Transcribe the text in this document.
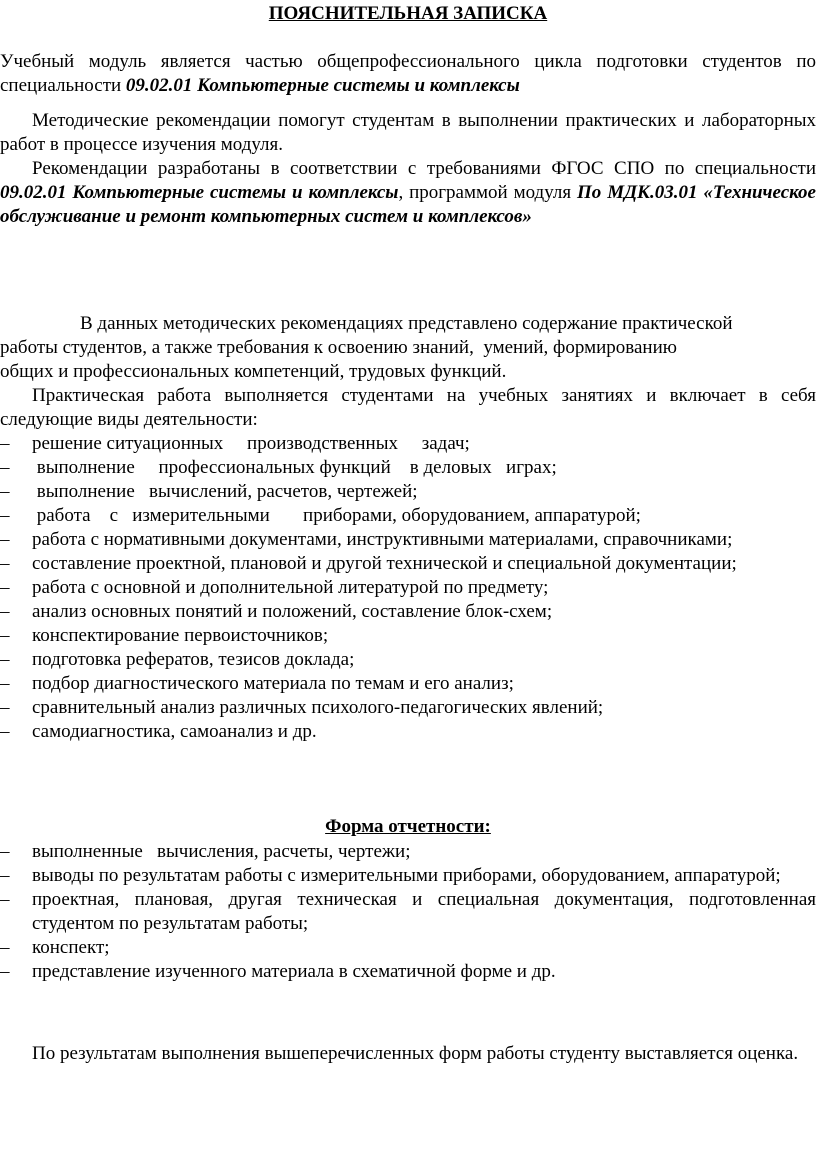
ПОЯСНИТЕЛЬНАЯ ЗАПИСКА

Учебный модуль является частью общепрофессионального цикла подготовки студентов по специальности 09.02.01 Компьютерные системы и комплексы

Методические рекомендации помогут студентам в выполнении практических и лабораторных работ в процессе изучения модуля.

Рекомендации разработаны в соответствии с требованиями ФГОС СПО по специальности 09.02.01 Компьютерные системы и комплексы, программой модуля По МДК.03.01 «Техническое обслуживание и ремонт компьютерных систем и комплексов»

В данных методических рекомендациях представлено содержание практической
работы студентов, а также требования к освоению знаний,  умений, формированию
общих и профессиональных компетенций, трудовых функций.

Практическая работа выполняется студентами на учебных занятиях и включает в себя следующие виды деятельности:

– решение ситуационных     производственных     задач;
– выполнение     профессиональных функций    в деловых   играх;
– выполнение   вычислений, расчетов, чертежей;
– работа    с   измерительными       приборами, оборудованием, аппаратурой;
– работа с нормативными документами, инструктивными материалами, справочниками;
– составление проектной, плановой и другой технической и специальной документации;
– работа с основной и дополнительной литературой по предмету;
– анализ основных понятий и положений, составление блок-схем;
– конспектирование первоисточников;
– подготовка рефератов, тезисов доклада;
– подбор диагностического материала по темам и его анализ;
– сравнительный анализ различных психолого-педагогических явлений;
– самодиагностика, самоанализ и др.

Форма отчетности:

– выполненные   вычисления, расчеты, чертежи;
– выводы по результатам работы с измерительными приборами, оборудованием, аппаратурой;
– проектная, плановая, другая техническая и специальная документация, подготовленная студентом по результатам работы;
– конспект;
– представление изученного материала в схематичной форме и др.

По результатам выполнения вышеперечисленных форм работы студенту выставляется оценка.
